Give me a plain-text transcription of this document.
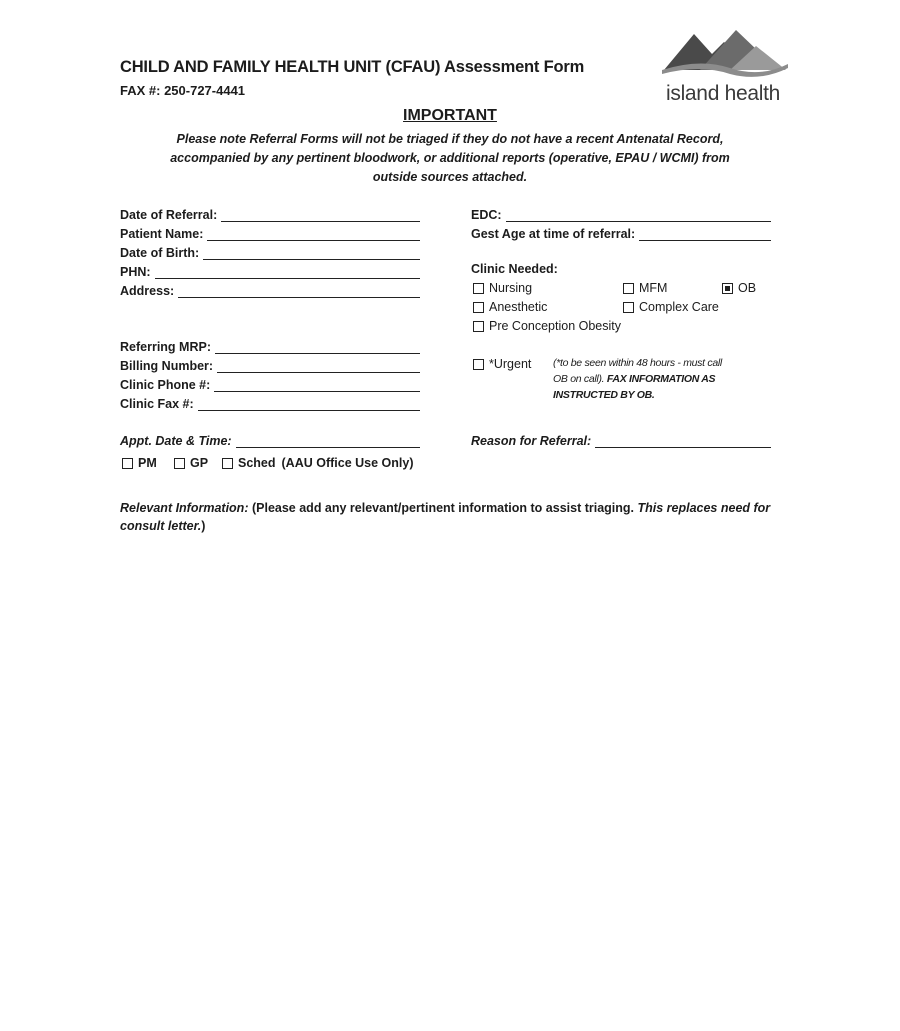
CHILD AND FAMILY HEALTH UNIT (CFAU) Assessment Form
FAX #: 250-727-4441	island health
IMPORTANT
Please note Referral Forms will not be triaged if they do not have a recent Antenatal Record,
accompanied by any pertinent bloodwork, or additional reports (operative, EPAU / WCMI) from
outside sources attached.
Date of Referral:
Patient Name:
Date of Birth:
PHN:
Address:
Referring MRP:
Billing Number:
Clinic Phone #:
Clinic Fax #:
Appt. Date & Time:
PM	GP Sched (AAU Office Use Only)
EDC:
Gest Age at time of referral:
Clinic Needed:
Nursing	MFM	OB
Anesthetic	Complex Care
Pre Conception Obesity
*Urgent (*to be seen within 48 hours - must call
OB on call). FAX INFORMATION AS
INSTRUCTED BY OB.
Reason for Referral:
Relevant Information: (Please add any relevant/pertinent information to assist triaging. This replaces need for consult letter.)
